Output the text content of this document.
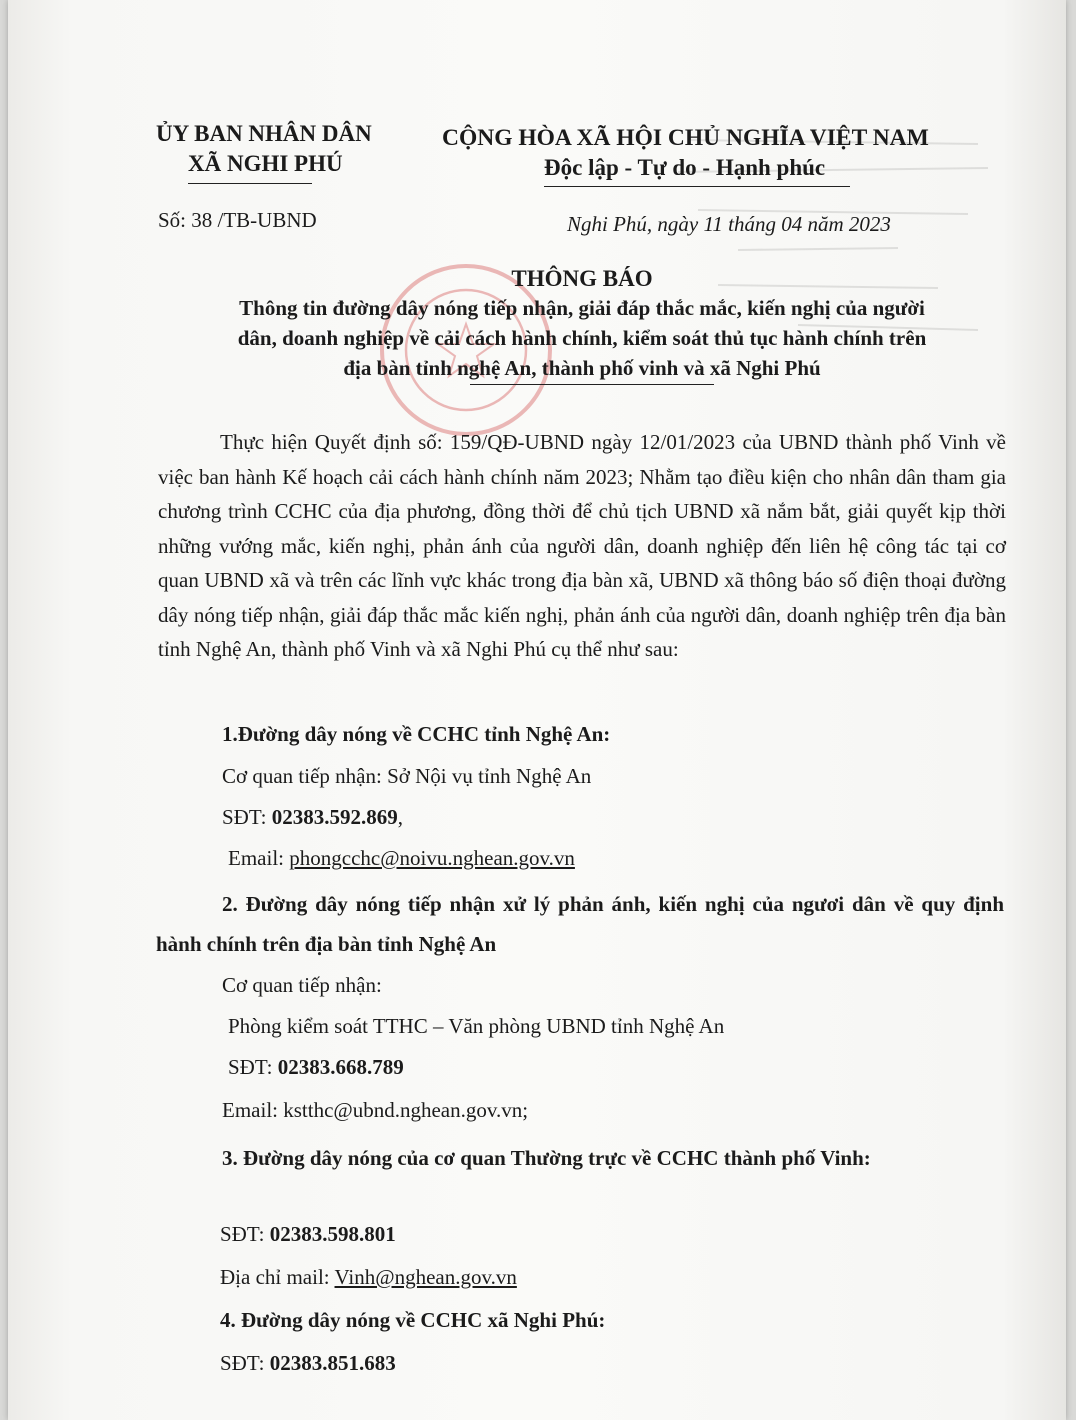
ỦY BAN NHÂN DÂN
XÃ NGHI PHÚ
CỘNG HÒA XÃ HỘI CHỦ NGHĨA VIỆT NAM
Độc lập - Tự do - Hạnh phúc
Số: 38 /TB-UBND	Nghi Phú, ngày 11 tháng 04 năm 2023
THÔNG BÁO
Thông tin đường dây nóng tiếp nhận, giải đáp thắc mắc, kiến nghị của người
dân, doanh nghiệp về cải cách hành chính, kiểm soát thủ tục hành chính trên
địa bàn tỉnh nghệ An, thành phố vinh và xã Nghi Phú

Thực hiện Quyết định số: 159/QĐ-UBND ngày 12/01/2023 của UBND thành phố Vinh về việc ban hành Kế hoạch cải cách hành chính năm 2023; Nhằm tạo điều kiện cho nhân dân tham gia chương trình CCHC của địa phương, đồng thời để chủ tịch UBND xã nắm bắt, giải quyết kịp thời những vướng mắc, kiến nghị, phản ánh của người dân, doanh nghiệp đến liên hệ công tác tại cơ quan UBND xã và trên các lĩnh vực khác trong địa bàn xã, UBND xã thông báo số điện thoại đường dây nóng tiếp nhận, giải đáp thắc mắc kiến nghị, phản ánh của người dân, doanh nghiệp trên địa bàn tỉnh Nghệ An, thành phố Vinh và xã Nghi Phú cụ thể như sau:

1.Đường dây nóng về CCHC tỉnh Nghệ An:
Cơ quan tiếp nhận: Sở Nội vụ tỉnh Nghệ An
SĐT: 02383.592.869,
Email: phongcchc@noivu.nghean.gov.vn

2. Đường dây nóng tiếp nhận xử lý phản ánh, kiến nghị của ngươi dân về quy định hành chính trên địa bàn tỉnh Nghệ An

Cơ quan tiếp nhận:
Phòng kiểm soát TTHC – Văn phòng UBND tỉnh Nghệ An
SĐT: 02383.668.789
Email: kstthc@ubnd.nghean.gov.vn;

3. Đường dây nóng của cơ quan Thường trực về CCHC thành phố Vinh:

SĐT: 02383.598.801
Địa chỉ mail: Vinh@nghean.gov.vn
4. Đường dây nóng về CCHC xã Nghi Phú:
SĐT: 02383.851.683
